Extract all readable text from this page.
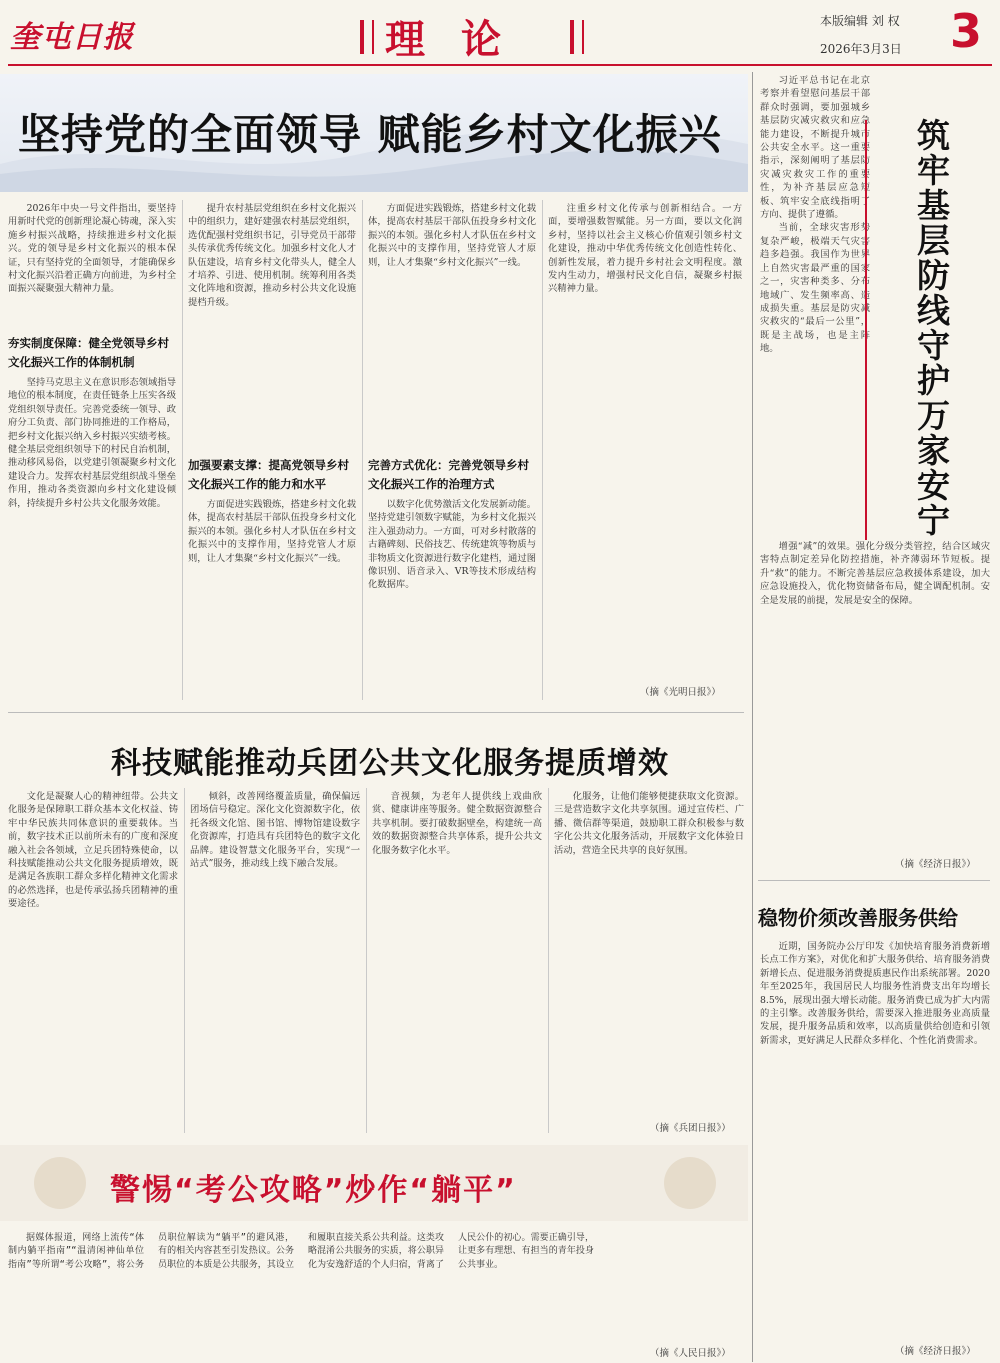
奎屯日报	理论	本版编辑 刘 权
2026年3月3日 3
坚持党的全面领导 赋能乡村文化振兴

2026年中央一号文件指出，要坚持用新时代党的创新理论凝心铸魂，深入实施乡村振兴战略，持续推进乡村文化振兴。党的领导是乡村文化振兴的根本保证，只有坚持党的全面领导，才能确保乡村文化振兴沿着正确方向前进，为乡村全面振兴凝聚强大精神力量。

夯实制度保障：健全党领导乡村文化振兴工作的体制机制

坚持马克思主义在意识形态领域指导地位的根本制度，在责任链条上压实各级党组织领导责任。完善党委统一领导、政府分工负责、部门协同推进的工作格局，把乡村文化振兴纳入乡村振兴实绩考核。健全基层党组织领导下的村民自治机制，推动移风易俗，以党建引领凝聚乡村文化建设合力。发挥农村基层党组织战斗堡垒作用，推动各类资源向乡村文化建设倾斜，持续提升乡村公共文化服务效能。

提升农村基层党组织在乡村文化振兴中的组织力，建好建强农村基层党组织，选优配强村党组织书记，引导党员干部带头传承优秀传统文化。加强乡村文化人才队伍建设，培育乡村文化带头人，健全人才培养、引进、使用机制。统筹利用各类文化阵地和资源，推动乡村公共文化设施提档升级。

加强要素支撑：提高党领导乡村文化振兴工作的能力和水平

方面促进实践锻炼，搭建乡村文化载体，提高农村基层干部队伍投身乡村文化振兴的本领。强化乡村人才队伍在乡村文化振兴中的支撑作用，坚持党管人才原则，让人才集聚“乡村文化振兴”一线。

方面促进实践锻炼，搭建乡村文化载体，提高农村基层干部队伍投身乡村文化振兴的本领。强化乡村人才队伍在乡村文化振兴中的支撑作用，坚持党管人才原则，让人才集聚“乡村文化振兴”一线。

完善方式优化：完善党领导乡村文化振兴工作的治理方式

以数字化优势激活文化发展新动能。坚持党建引领数字赋能，为乡村文化振兴注入强劲动力。一方面，可对乡村散落的古籍碑刻、民俗技艺、传统建筑等物质与非物质文化资源进行数字化建档，通过图像识别、语音录入、VR等技术形成结构化数据库。

注重乡村文化传承与创新相结合。一方面，要增强数智赋能。另一方面，要以文化润乡村，坚持以社会主义核心价值观引领乡村文化建设，推动中华优秀传统文化创造性转化、创新性发展，着力提升乡村社会文明程度。激发内生动力，增强村民文化自信，凝聚乡村振兴精神力量。

（摘《光明日报》）
科技赋能推动兵团公共文化服务提质增效

文化是凝聚人心的精神纽带。公共文化服务是保障职工群众基本文化权益、铸牢中华民族共同体意识的重要载体。当前，数字技术正以前所未有的广度和深度融入社会各领域，立足兵团特殊使命，以科技赋能推动公共文化服务提质增效，既是满足各族职工群众多样化精神文化需求的必然选择，也是传承弘扬兵团精神的重要途径。

倾斜，改善网络覆盖质量，确保偏远团场信号稳定。深化文化资源数字化，依托各级文化馆、图书馆、博物馆建设数字化资源库，打造具有兵团特色的数字文化品牌。建设智慧文化服务平台，实现“一站式”服务，推动线上线下融合发展。

音视频，为老年人提供线上戏曲欣赏、健康讲座等服务。健全数据资源整合共享机制。要打破数据壁垒，构建统一高效的数据资源整合共享体系，提升公共文化服务数字化水平。

化服务，让他们能够便捷获取文化资源。三是营造数字文化共享氛围。通过宣传栏、广播、微信群等渠道，鼓励职工群众积极参与数字化公共文化服务活动，开展数字文化体验日活动，营造全民共享的良好氛围。

（摘《兵团日报》）

习近平总书记在北京考察并看望慰问基层干部群众时强调，要加强城乡基层防灾减灾救灾和应急能力建设，不断提升城市公共安全水平。这一重要指示，深刻阐明了基层防灾减灾救灾工作的重要性，为补齐基层应急短板、筑牢安全底线指明了方向、提供了遵循。

当前，全球灾害形势复杂严峻，极端天气灾害趋多趋强。我国作为世界上自然灾害最严重的国家之一，灾害种类多、分布地域广、发生频率高、造成损失重。基层是防灾减灾救灾的“最后一公里”，既是主战场，也是主阵地。	筑牢基层防线守护万家安宁

增强“减”的效果。强化分级分类管控，结合区域灾害特点制定差异化防控措施，补齐薄弱环节短板。提升“救”的能力。不断完善基层应急救援体系建设，加大应急设施投入，优化物资储备布局，健全调配机制。安全是发展的前提，发展是安全的保障。

（摘《经济日报》）
稳物价须改善服务供给

近期，国务院办公厅印发《加快培育服务消费新增长点工作方案》，对优化和扩大服务供给、培育服务消费新增长点、促进服务消费提质惠民作出系统部署。2020年至2025年，我国居民人均服务性消费支出年均增长8.5%，展现出强大增长动能。服务消费已成为扩大内需的主引擎。改善服务供给，需要深入推进服务业高质量发展，提升服务品质和效率，以高质量供给创造和引领新需求，更好满足人民群众多样化、个性化消费需求。

（摘《经济日报》）
警惕“考公攻略”炒作“躺平”

据媒体报道，网络上流传“体制内躺平指南”“温清闲神仙单位指南”等所谓“考公攻略”，将公务员职位解读为“躺平”的避风港，有的相关内容甚至引发热议。公务员职位的本质是公共服务，其设立和履职直接关系公共利益。这类攻略混淆公共服务的实质，将公职异化为安逸舒适的个人归宿，背离了人民公仆的初心。需要正确引导，让更多有理想、有担当的青年投身公共事业。

（摘《人民日报》）
